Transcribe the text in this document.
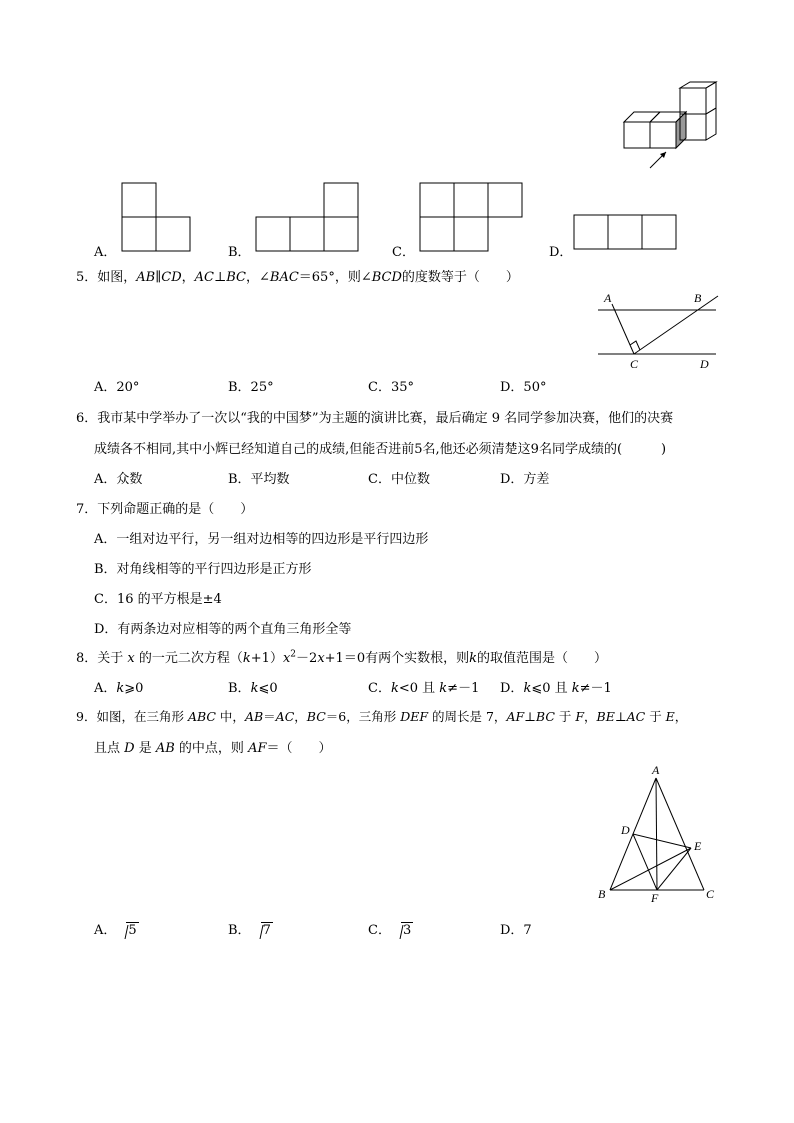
A．	B．	C．	D．
5．如图，AB∥CD，AC⊥BC，∠BAC＝65°，则∠BCD的度数等于（　　）
A	B
C	D
A．20°	B．25°	C．35°	D．50°
6．我市某中学举办了一次以“我的中国梦”为主题的演讲比赛，最后确定 9 名同学参加决赛，他们的决赛
成绩各不相同,其中小辉已经知道自己的成绩,但能否进前5名,他还必须清楚这9名同学成绩的(　　　)
A．众数	B．平均数	C．中位数	D．方差
7．下列命题正确的是（　　）
A．一组对边平行，另一组对边相等的四边形是平行四边形
B．对角线相等的平行四边形是正方形
C．16 的平方根是±4
D．有两条边对应相等的两个直角三角形全等
8．关于 x 的一元二次方程$(k+1)x^2-2x+1=0$有两个实数根，则k的取值范围是（　　）
A．k⩾0	B．k⩽0	C．k<0 且 k≠－1 D．k⩽0 且 k≠－1
9．如图，在三角形 ABC 中，AB＝AC，BC＝6，三角形 DEF 的周长是 7，AF⊥BC 于 F，BE⊥AC 于 E，
且点 D 是 AB 的中点，则 AF＝（　　）
A
B	C
D
E
F
A． 5	B． 7	C． 3	D．7
